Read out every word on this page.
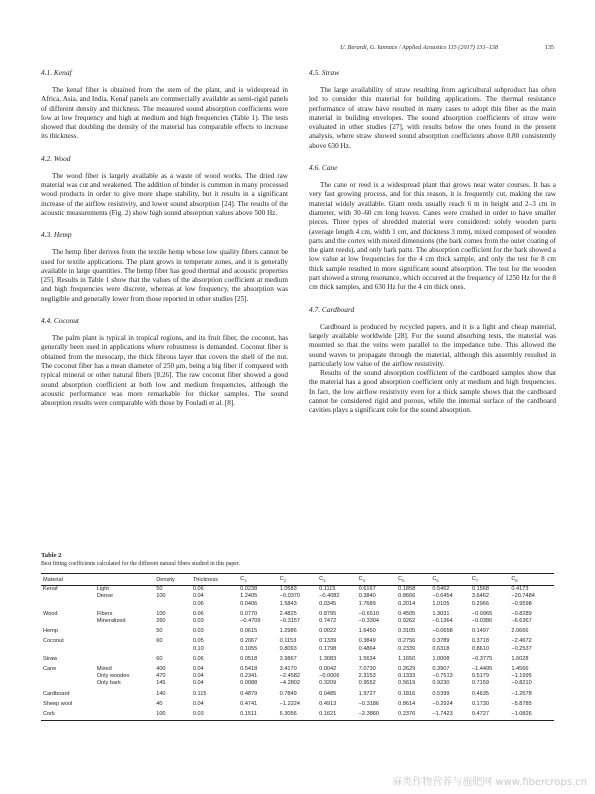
U. Berardi, G. Iannace / Applied Acoustics 115 (2017) 131–138	135
4.1. Kenaf

The kenaf fiber is obtained from the stem of the plant, and is widespread in Africa, Asia, and India. Kenaf panels are commercially available as semi-rigid panels of different density and thickness. The measured sound absorption coefficients were low at low frequency and high at medium and high frequencies (Table 1). The tests showed that doubling the density of the material has comparable effects to increase its thickness.

4.2. Wood

The wood fiber is largely available as a waste of wood works. The dried raw material was cut and weakened. The addition of binder is common in many processed wood products in order to give more shape stability, but it results in a significant increase of the airflow resistivity, and lower sound absorption [24]. The results of the acoustic measurements (Fig. 2) show high sound absorption values above 500 Hz.

4.3. Hemp

The hemp fiber derives from the textile hemp whose low quality fibers cannot be used for textile applications. The plant grows in temperate zones, and it is generally available in large quantities. The hemp fiber has good thermal and acoustic properties [25]. Results in Table 1 show that the values of the absorption coefficient at medium and high frequencies were discrete, whereas at low frequency, the absorption was negligible and generally lower from those reported in other studies [25].

4.4. Coconut

The palm plant is typical in tropical regions, and its fruit fiber, the coconut, has generally been used in applications where robustness is demanded. Coconut fiber is obtained from the mesocarp, the thick fibrous layer that covers the shell of the nut. The coconut fiber has a mean diameter of 250 μm, being a big fiber if compared with typical mineral or other natural fibers [8,26]. The raw coconut fiber showed a good sound absorption coefficient at both low and medium frequencies, although the acoustic performance was more remarkable for thicker samples. The sound absorption results were comparable with those by Fouladi et al. [8].

4.5. Straw

The large availability of straw resulting from agricultural subproduct has often led to consider this material for building applications. The thermal resistance performance of straw have resulted in many cases to adopt this fiber as the main material in building envelopes. The sound absorption coefficients of straw were evaluated in other studies [27], with results below the ones found in the present analysis, where straw showed sound absorption coefficients above 0.80 consistently above 630 Hz.

4.6. Cane

The cane or reed is a widespread plant that grows near water courses. It has a very fast growing process, and for this reason, it is frequently cut, making the raw material widely available. Giant reeds usually reach 6 m in height and 2–3 cm in diameter, with 30–60 cm long leaves. Canes were crushed in order to have smaller pieces. Three types of shredded material were considered: solely wooden parts (average length 4 cm, width 1 cm, and thickness 3 mm), mixed composed of wooden parts and the cortex with mixed dimensions (the bark comes from the outer coating of the giant reeds), and only bark parts. The absorption coefficient for the bark showed a low value at low frequencies for the 4 cm thick sample, and only the test for 8 cm thick sample resulted in more significant sound absorption. The test for the wooden part showed a strong resonance, which occurred at the frequency of 1250 Hz for the 8 cm thick samples, and 630 Hz for the 4 cm thick ones.

4.7. Cardboard

Cardboard is produced by recycled papers, and it is a light and cheap material, largely available worldwide [28]. For the sound absorbing tests, the material was mounted so that the veins were parallel to the impedance tube. This allowed the sound waves to propagate through the material, although this assembly resulted in particularly low value of the airflow resistivity.

Results of the sound absorption coefficient of the cardboard samples show that the material has a good absorption coefficient only at medium and high frequencies. In fact, the low airflow resistivity even for a thick sample shows that the cardboard cannot be considered rigid and porous, while the internal surface of the cardboard cavities plays a significant role for the sound absorption.

Table 2
Best fitting coefficients calculated for the different natural fibers studied in this paper.
Material		Density	Thickness	$C_1$	$C_2$	$C_3$	$C_4$	$C_5$	$C_6$	$C_7$	$C_8$
Kenaf	Light	50	0.06	0.0238	1.0583	0.1115	0.6167	0.1858	0.5462	0.1568	0.4173
	Dense	100	0.04	1.2405	−0.0370	−0.4082	0.3840	0.8666	−0.6454	3.6462	−20.7484
			0.06	0.0406	1.5843	0.0345	1.7689	0.2014	1.0105	0.2966	−0.9598
Wood	Fibers	100	0.06	0.0770	2.4825	0.8795	−0.6510	0.4505	1.3031	−0.0965	−0.8289
	Mineralized	260	0.03	−0.4709	−0.3157	0.7472	−0.3304	0.9262	−0.1364	−0.0386	−6.6367
Hemp		50	0.03	0.0615	1.2986	0.0022	1.6450	0.3105	−0.0658	0.1497	2.0666
Coconut		60	0.05	0.2067	0.1153	0.1339	0.3849	0.2756	0.3789	0.3718	−2.4672
			0.10	0.1055	0.8093	0.1798	0.4864	0.2339	0.6318	0.8610	−0.2537
Straw		60	0.06	0.0518	3.9867	1.3083	1.5634	1.1650	1.0008	−0.3775	1.6028
Cane	Mixed	400	0.04	0.5418	3.4170	0.0042	7.0730	0.2629	0.3907	−1.4495	1.4566
	Only wooden	470	0.04	0.2341	−2.4582	−0.0006	2.3153	0.1333	−0.7513	0.5179	−1.1995
	Only bark	145	0.04	0.0088	−4.2802	0.3209	0.9552	0.5619	0.9230	0.7159	−0.8210
Cardboard		140	0.115	0.4879	0.7849	0.0485	1.9727	0.1816	0.5399	0.4635	−1.2578
Sheep wool		40	0.04	0.4741	−1.2224	0.4913	−0.3186	0.8614	−0.2924	0.1730	−5.8785
Cork		100	0.03	0.1511	6.3056	0.1621	−2.3860	0.2376	−1.7423	0.4727	−1.0826
麻类作物营养与施肥网 www.fibercrops.cn
